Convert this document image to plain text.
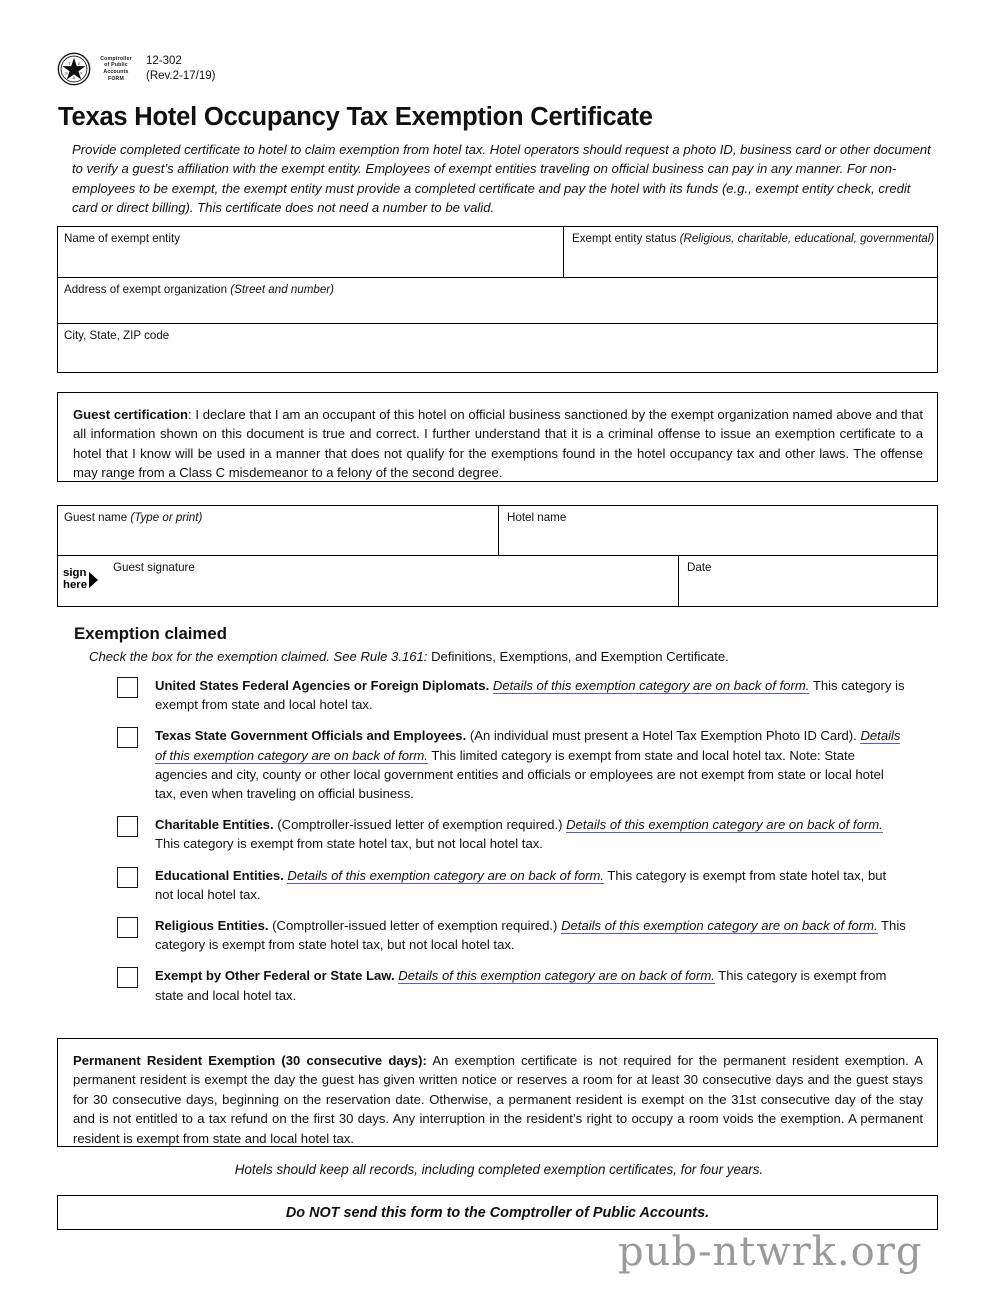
T E
X
A
S
Comptroller
of Public
Accounts
FORM
12-302
(Rev.2-17/19)
Texas Hotel Occupancy Tax Exemption Certificate
Provide completed certificate to hotel to claim exemption from hotel tax. Hotel operators should request a photo ID, business card or other document to verify a guest’s affiliation with the exempt entity. Employees of exempt entities traveling on official business can pay in any manner. For non-employees to be exempt, the exempt entity must provide a completed certificate and pay the hotel with its funds (e.g., exempt entity check, credit card or direct billing). This certificate does not need a number to be valid.
Name of exempt entity	Exempt entity status (Religious, charitable, educational, governmental)
Address of exempt organization (Street and number)
City, State, ZIP code
Guest certification: I declare that I am an occupant of this hotel on official business sanctioned by the exempt organization named above and that all information shown on this document is true and correct. I further understand that it is a criminal offense to issue an exemption certificate to a hotel that I know will be used in a manner that does not qualify for the exemptions found in the hotel occupancy tax and other laws. The offense may range from a Class C misdemeanor to a felony of the second degree.
Guest name (Type or print)	Hotel name
Guest signature	Date
sign
here
Exemption claimed
Check the box for the exemption claimed. See Rule 3.161: Definitions, Exemptions, and Exemption Certificate.
United States Federal Agencies or Foreign Diplomats. Details of this exemption category are on back of form. This category is exempt from state and local hotel tax.
Texas State Government Officials and Employees. (An individual must present a Hotel Tax Exemption Photo ID Card). Details of this exemption category are on back of form. This limited category is exempt from state and local hotel tax. Note: State agencies and city, county or other local government entities and officials or employees are not exempt from state or local hotel tax, even when traveling on official business.
Charitable Entities. (Comptroller-issued letter of exemption required.) Details of this exemption category are on back of form. This category is exempt from state hotel tax, but not local hotel tax.
Educational Entities. Details of this exemption category are on back of form. This category is exempt from state hotel tax, but not local hotel tax.
Religious Entities. (Comptroller-issued letter of exemption required.) Details of this exemption category are on back of form. This category is exempt from state hotel tax, but not local hotel tax.
Exempt by Other Federal or State Law. Details of this exemption category are on back of form. This category is exempt from state and local hotel tax.
Permanent Resident Exemption (30 consecutive days): An exemption certificate is not required for the permanent resident exemption. A permanent resident is exempt the day the guest has given written notice or reserves a room for at least 30 consecutive days and the guest stays for 30 consecutive days, beginning on the reservation date. Otherwise, a permanent resident is exempt on the 31st consecutive day of the stay and is not entitled to a tax refund on the first 30 days. Any interruption in the resident’s right to occupy a room voids the exemption. A permanent resident is exempt from state and local hotel tax.
Hotels should keep all records, including completed exemption certificates, for four years.
Do NOT send this form to the Comptroller of Public Accounts.
pub-ntwrk.org
